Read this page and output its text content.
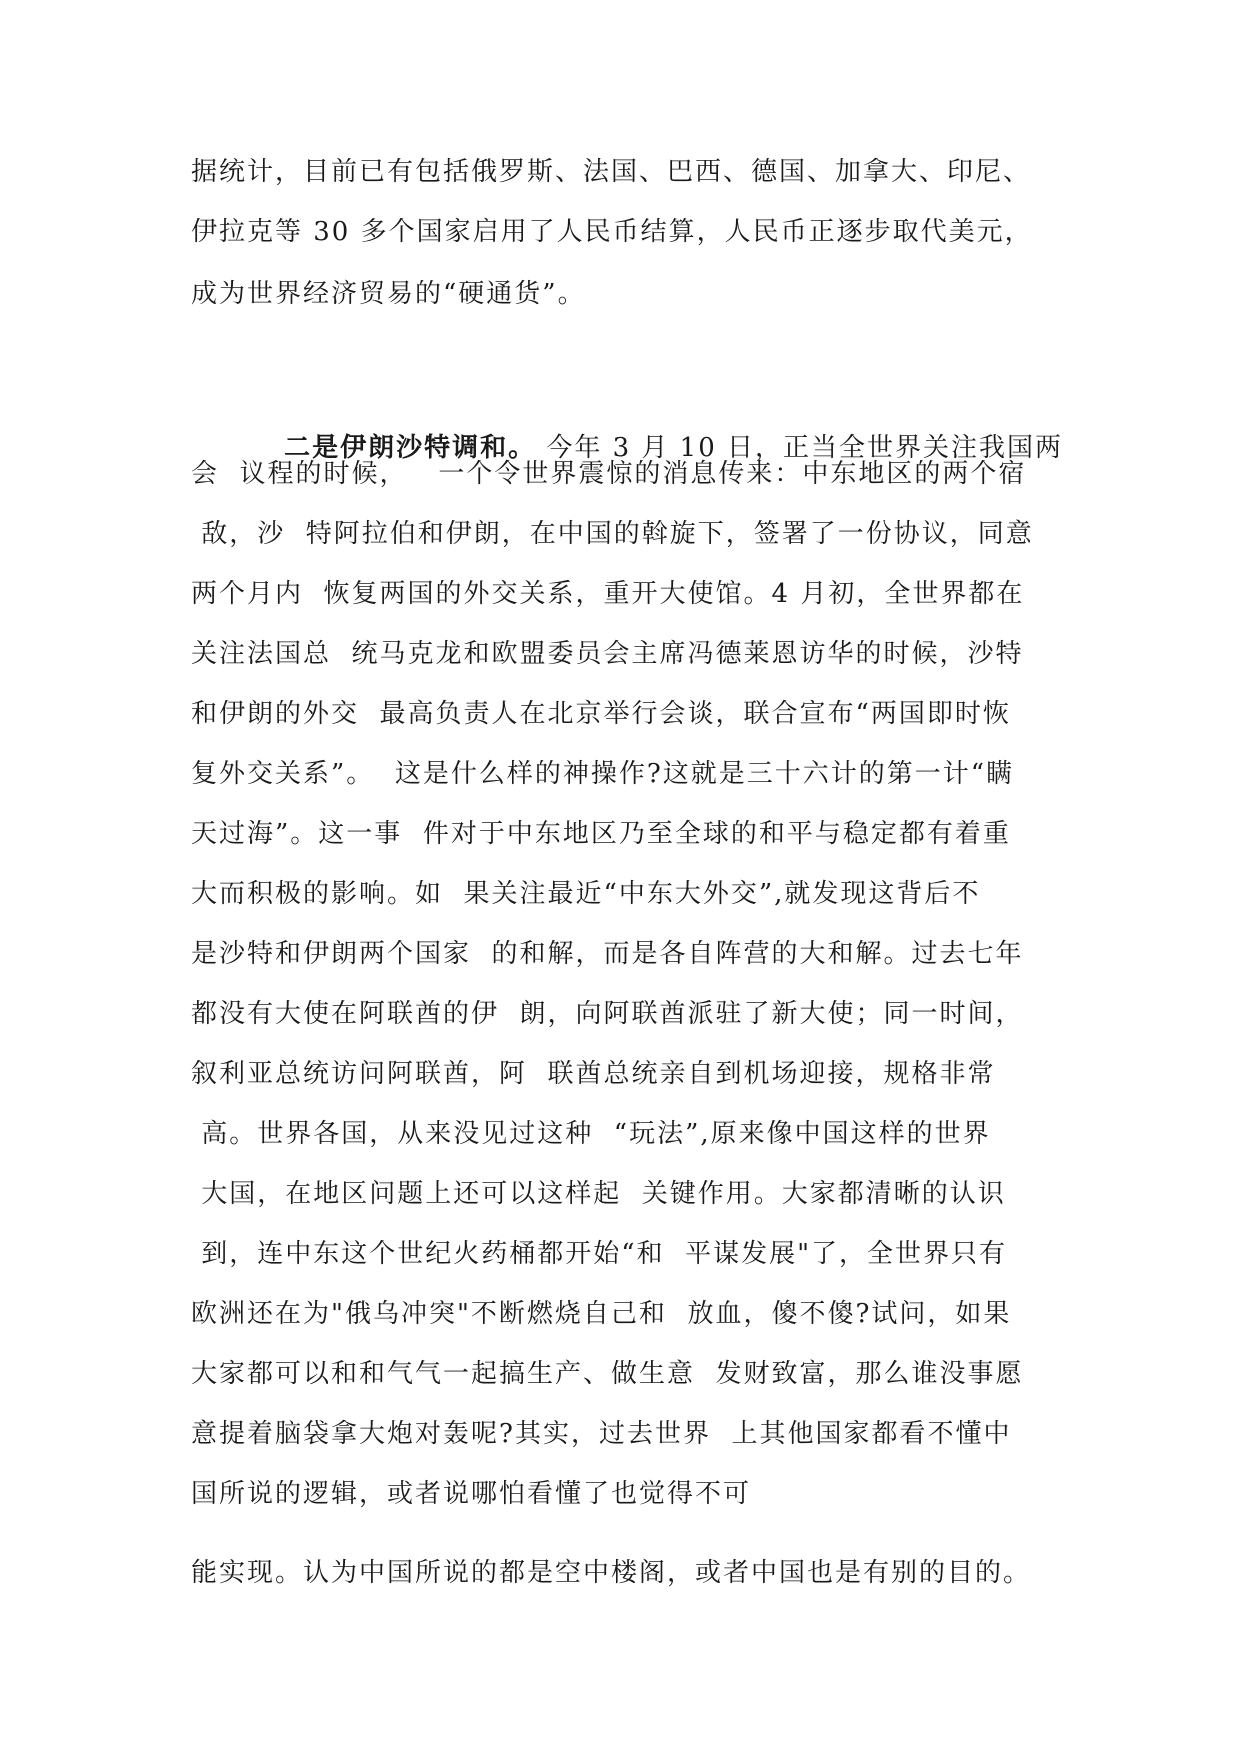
据统计，目前已有包括俄罗斯、法国、巴西、德国、加拿大、印尼、
伊拉克等 30 多个国家启用了人民币结算，人民币正逐步取代美元，
成为世界经济贸易的“硬通货”。

二是伊朗沙特调和。 今年 3 月 10 日，正当全世界关注我国两

会  议程的时候，   一个令世界震惊的消息传来：中东地区的两个宿
敌，沙  特阿拉伯和伊朗，在中国的斡旋下，签署了一份协议，同意
两个月内  恢复两国的外交关系，重开大使馆。4 月初，全世界都在
关注法国总  统马克龙和欧盟委员会主席冯德莱恩访华的时候，沙特
和伊朗的外交  最高负责人在北京举行会谈，联合宣布“两国即时恢
复外交关系”。  这是什么样的神操作?这就是三十六计的第一计“瞒
天过海”。这一事  件对于中东地区乃至全球的和平与稳定都有着重
大而积极的影响。如  果关注最近“中东大外交”,就发现这背后不
是沙特和伊朗两个国家  的和解，而是各自阵营的大和解。过去七年
都没有大使在阿联酋的伊  朗，向阿联酋派驻了新大使；同一时间，
叙利亚总统访问阿联酋，阿  联酋总统亲自到机场迎接，规格非常
高。世界各国，从来没见过这种  “玩法”,原来像中国这样的世界
大国，在地区问题上还可以这样起  关键作用。大家都清晰的认识
到，连中东这个世纪火药桶都开始“和  平谋发展"了，全世界只有
欧洲还在为"俄乌冲突"不断燃烧自己和  放血，傻不傻?试问，如果
大家都可以和和气气一起搞生产、做生意  发财致富，那么谁没事愿
意提着脑袋拿大炮对轰呢?其实，过去世界  上其他国家都看不懂中
国所说的逻辑，或者说哪怕看懂了也觉得不可
能实现。认为中国所说的都是空中楼阁，或者中国也是有别的目的。
